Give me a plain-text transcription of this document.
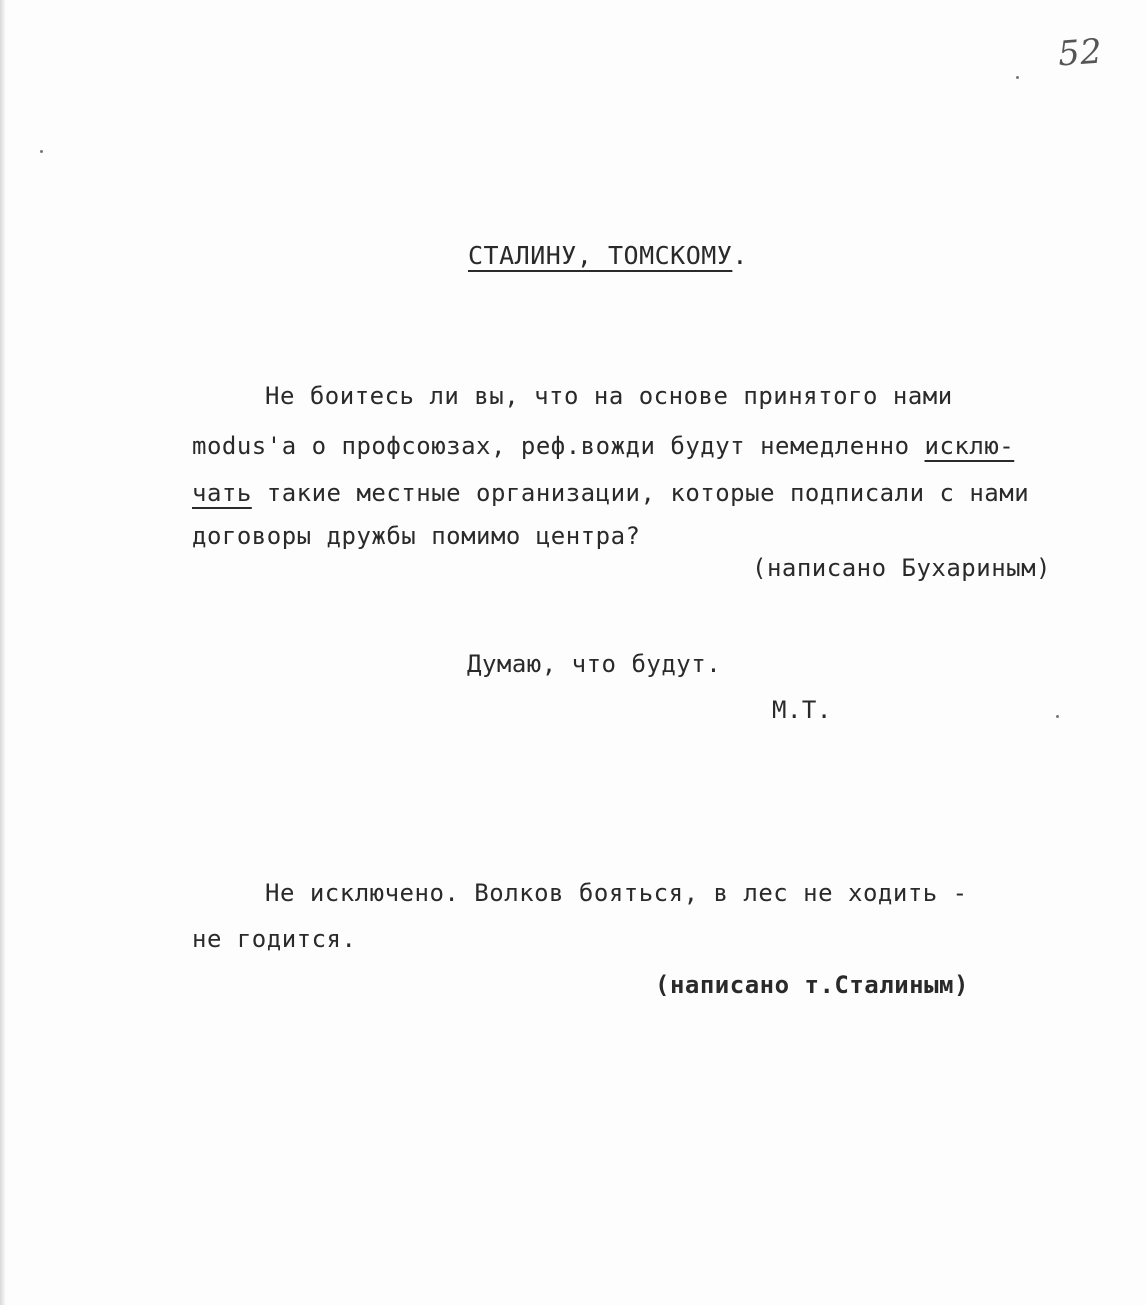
52
СТАЛИНУ, ТОМСКОМУ.
Не боитесь ли вы, что на основе принятого нами
modus'a о профсоюзах, реф.вожди будут немедленно исклю-
чать такие местные организации, которые подписали с нами
договоры дружбы помимо центра?
(написано Бухариным)
Думаю, что будут.
М.Т.
Не исключено. Волков бояться, в лес не ходить -
не годится.
(написано т.Сталиным)
